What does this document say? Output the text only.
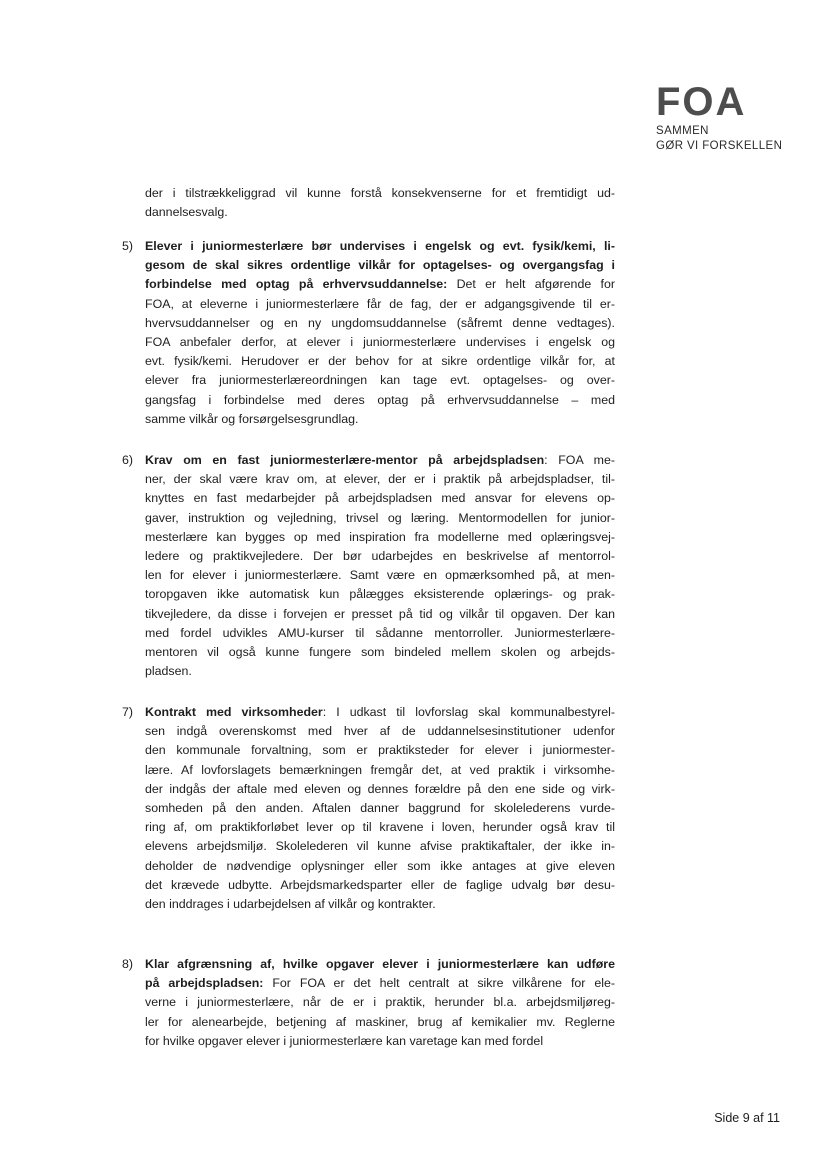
FOA
SAMMEN
GØR VI FORSKELLEN
der i tilstrækkeliggrad vil kunne forstå konsekvenserne for et fremtidigt ud-
dannelsesvalg.
5) Elever i juniormesterlære bør undervises i engelsk og evt. fysik/kemi, li-
gesom de skal sikres ordentlige vilkår for optagelses- og overgangsfag i
forbindelse med optag på erhvervsuddannelse: Det er helt afgørende for
FOA, at eleverne i juniormesterlære får de fag, der er adgangsgivende til er-
hvervsuddannelser og en ny ungdomsuddannelse (såfremt denne vedtages).
FOA anbefaler derfor, at elever i juniormesterlære undervises i engelsk og
evt. fysik/kemi. Herudover er der behov for at sikre ordentlige vilkår for, at
elever fra juniormesterlæreordningen kan tage evt. optagelses- og over-
gangsfag i forbindelse med deres optag på erhvervsuddannelse – med
samme vilkår og forsørgelsesgrundlag.
6) Krav om en fast juniormesterlære-mentor på arbejdspladsen: FOA me-
ner, der skal være krav om, at elever, der er i praktik på arbejdspladser, til-
knyttes en fast medarbejder på arbejdspladsen med ansvar for elevens op-
gaver, instruktion og vejledning, trivsel og læring. Mentormodellen for junior-
mesterlære kan bygges op med inspiration fra modellerne med oplæringsvej-
ledere og praktikvejledere. Der bør udarbejdes en beskrivelse af mentorrol-
len for elever i juniormesterlære. Samt være en opmærksomhed på, at men-
toropgaven ikke automatisk kun pålægges eksisterende oplærings- og prak-
tikvejledere, da disse i forvejen er presset på tid og vilkår til opgaven. Der kan
med fordel udvikles AMU-kurser til sådanne mentorroller. Juniormesterlære-
mentoren vil også kunne fungere som bindeled mellem skolen og arbejds-
pladsen.
7) Kontrakt med virksomheder: I udkast til lovforslag skal kommunalbestyrel-
sen indgå overenskomst med hver af de uddannelsesinstitutioner udenfor
den kommunale forvaltning, som er praktiksteder for elever i juniormester-
lære. Af lovforslagets bemærkningen fremgår det, at ved praktik i virksomhe-
der indgås der aftale med eleven og dennes forældre på den ene side og virk-
somheden på den anden. Aftalen danner baggrund for skolelederens vurde-
ring af, om praktikforløbet lever op til kravene i loven, herunder også krav til
elevens arbejdsmiljø. Skolelederen vil kunne afvise praktikaftaler, der ikke in-
deholder de nødvendige oplysninger eller som ikke antages at give eleven
det krævede udbytte. Arbejdsmarkedsparter eller de faglige udvalg bør desu-
den inddrages i udarbejdelsen af vilkår og kontrakter.
8) Klar afgrænsning af, hvilke opgaver elever i juniormesterlære kan udføre
på arbejdspladsen: For FOA er det helt centralt at sikre vilkårene for ele-
verne i juniormesterlære, når de er i praktik, herunder bl.a. arbejdsmiljøreg-
ler for alenearbejde, betjening af maskiner, brug af kemikalier mv. Reglerne
for hvilke opgaver elever i juniormesterlære kan varetage kan med fordel
Side 9 af 11
